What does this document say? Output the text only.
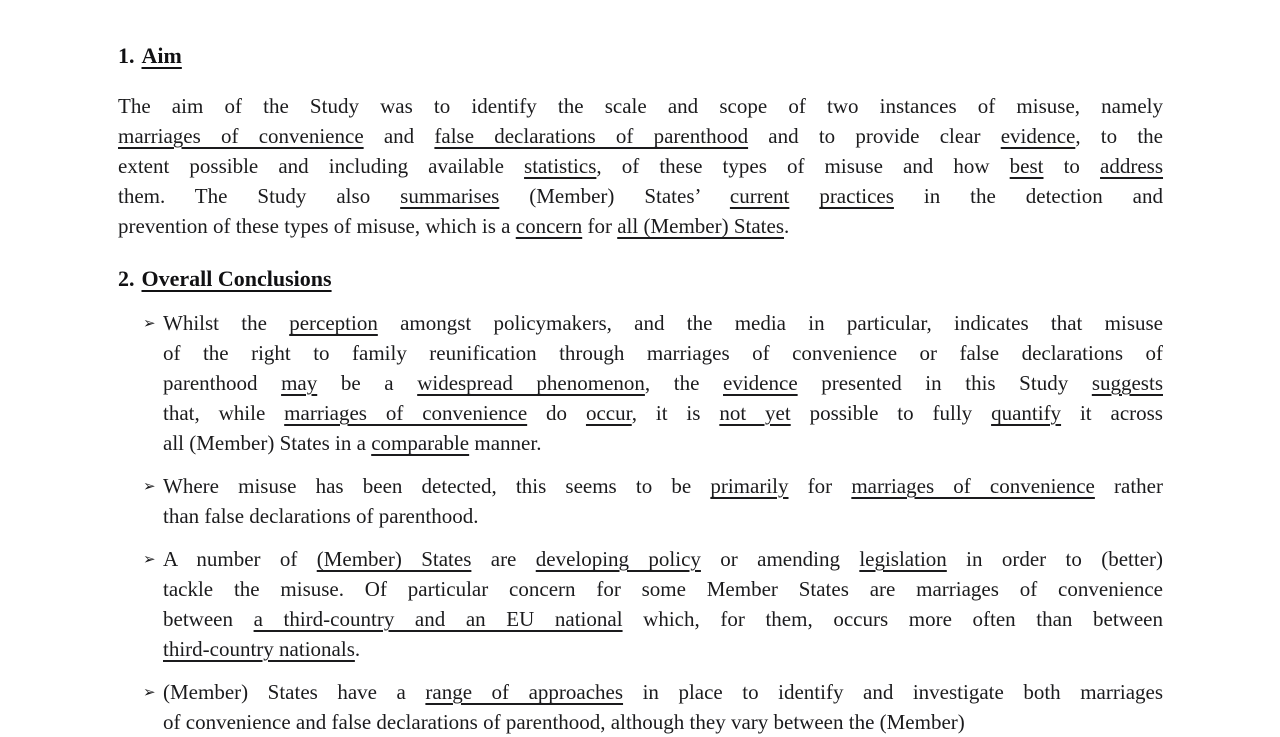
1. Aim
The aim of the Study was to identify the scale and scope of two instances of misuse, namely
marriages of convenience and false declarations of parenthood and to provide clear evidence, to the
extent possible and including available statistics, of these types of misuse and how best to address
them. The Study also summarises (Member) States’ current practices in the detection and
prevention of these types of misuse, which is a concern for all (Member) States.
2. Overall Conclusions
➢ Whilst the perception amongst policymakers, and the media in particular, indicates that misuse
of the right to family reunification through marriages of convenience or false declarations of
parenthood may be a widespread phenomenon, the evidence presented in this Study suggests
that, while marriages of convenience do occur, it is not yet possible to fully quantify it across
all (Member) States in a comparable manner.
➢ Where misuse has been detected, this seems to be primarily for marriages of convenience rather
than false declarations of parenthood.
➢ A number of (Member) States are developing policy or amending legislation in order to (better)
tackle the misuse. Of particular concern for some Member States are marriages of convenience
between a third-country and an EU national which, for them, occurs more often than between
third-country nationals.
➢ (Member) States have a range of approaches in place to identify and investigate both marriages
of convenience and false declarations of parenthood, although they vary between the (Member)
